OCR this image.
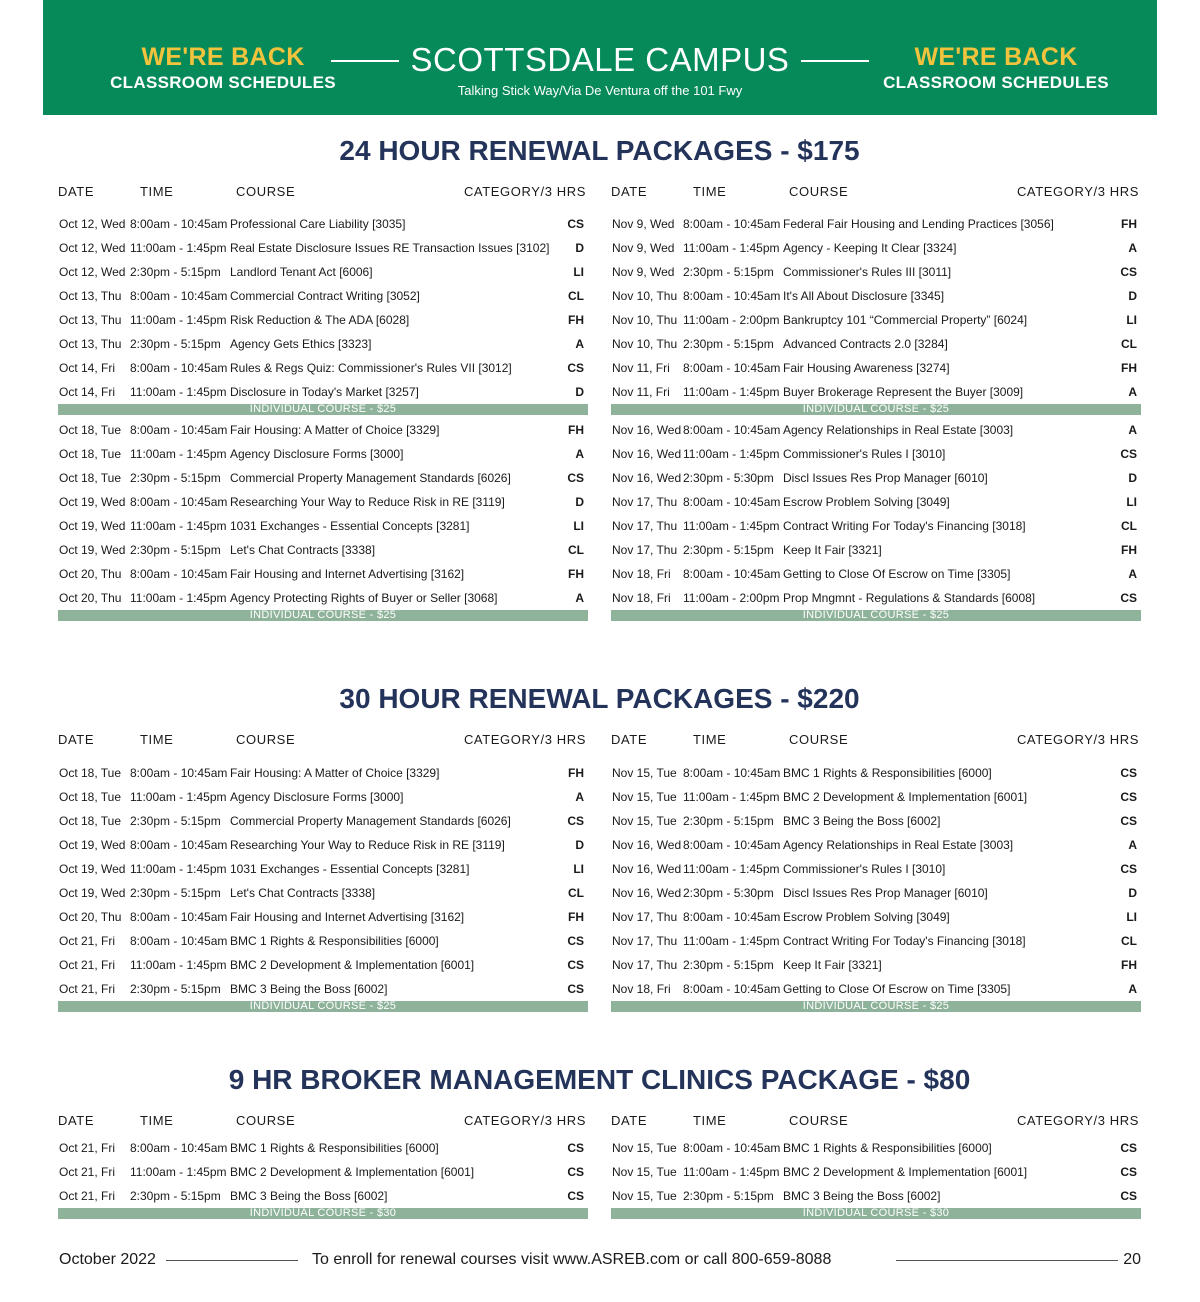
WE'RE BACK
CLASSROOM SCHEDULES
SCOTTSDALE CAMPUS
Talking Stick Way/Via De Ventura off the 101 Fwy
WE'RE BACK
CLASSROOM SCHEDULES
24 HOUR RENEWAL PACKAGES - $175
DATE	TIME	COURSE	CATEGORY/3 HRS
Oct 12, Wed 8:00am - 10:45am Professional Care Liability [3035]	CS
Oct 12, Wed 11:00am - 1:45pm Real Estate Disclosure Issues RE Transaction Issues [3102] D
Oct 12, Wed 2:30pm - 5:15pm Landlord Tenant Act [6006]	LI
Oct 13, Thu 8:00am - 10:45am Commercial Contract Writing [3052]	CL
Oct 13, Thu 11:00am - 1:45pm Risk Reduction & The ADA [6028]	FH
Oct 13, Thu 2:30pm - 5:15pm Agency Gets Ethics [3323]	A
Oct 14, Fri 8:00am - 10:45am Rules & Regs Quiz: Commissioner's Rules VII [3012]	CS
Oct 14, Fri 11:00am - 1:45pm Disclosure in Today's Market [3257]	D
INDIVIDUAL COURSE - $25
Oct 18, Tue 8:00am - 10:45am Fair Housing: A Matter of Choice [3329]	FH
Oct 18, Tue 11:00am - 1:45pm Agency Disclosure Forms [3000]	A
Oct 18, Tue 2:30pm - 5:15pm Commercial Property Management Standards [6026]	CS
Oct 19, Wed 8:00am - 10:45am Researching Your Way to Reduce Risk in RE [3119]	D
Oct 19, Wed 11:00am - 1:45pm 1031 Exchanges - Essential Concepts [3281]	LI
Oct 19, Wed 2:30pm - 5:15pm Let's Chat Contracts [3338]	CL
Oct 20, Thu 8:00am - 10:45am Fair Housing and Internet Advertising [3162]	FH
Oct 20, Thu 11:00am - 1:45pm Agency Protecting Rights of Buyer or Seller [3068]	A
INDIVIDUAL COURSE - $25
DATE	TIME	COURSE	CATEGORY/3 HRS
Nov 9, Wed 8:00am - 10:45am Federal Fair Housing and Lending Practices [3056]	FH
Nov 9, Wed 11:00am - 1:45pm Agency - Keeping It Clear [3324]	A
Nov 9, Wed 2:30pm - 5:15pm Commissioner's Rules III [3011]	CS
Nov 10, Thu 8:00am - 10:45am It's All About Disclosure [3345]	D
Nov 10, Thu 11:00am - 2:00pm Bankruptcy 101 “Commercial Property” [6024]	LI
Nov 10, Thu 2:30pm - 5:15pm Advanced Contracts 2.0 [3284]	CL
Nov 11, Fri 8:00am - 10:45am Fair Housing Awareness [3274]	FH
Nov 11, Fri 11:00am - 1:45pm Buyer Brokerage Represent the Buyer [3009]	A
INDIVIDUAL COURSE - $25
Nov 16, Wed 8:00am - 10:45am Agency Relationships in Real Estate [3003]	A
Nov 16, Wed 11:00am - 1:45pm Commissioner's Rules I [3010]	CS
Nov 16, Wed 2:30pm - 5:30pm Discl Issues Res Prop Manager [6010]	D
Nov 17, Thu 8:00am - 10:45am Escrow Problem Solving [3049]	LI
Nov 17, Thu 11:00am - 1:45pm Contract Writing For Today's Financing [3018]	CL
Nov 17, Thu 2:30pm - 5:15pm Keep It Fair [3321]	FH
Nov 18, Fri 8:00am - 10:45am Getting to Close Of Escrow on Time [3305]	A
Nov 18, Fri 11:00am - 2:00pm Prop Mngmnt - Regulations & Standards [6008]	CS
INDIVIDUAL COURSE - $25
30 HOUR RENEWAL PACKAGES - $220
DATE	TIME	COURSE	CATEGORY/3 HRS
Oct 18, Tue 8:00am - 10:45am Fair Housing: A Matter of Choice [3329]	FH
Oct 18, Tue 11:00am - 1:45pm Agency Disclosure Forms [3000]	A
Oct 18, Tue 2:30pm - 5:15pm Commercial Property Management Standards [6026]	CS
Oct 19, Wed 8:00am - 10:45am Researching Your Way to Reduce Risk in RE [3119]	D
Oct 19, Wed 11:00am - 1:45pm 1031 Exchanges - Essential Concepts [3281]	LI
Oct 19, Wed 2:30pm - 5:15pm Let's Chat Contracts [3338]	CL
Oct 20, Thu 8:00am - 10:45am Fair Housing and Internet Advertising [3162]	FH
Oct 21, Fri 8:00am - 10:45am BMC 1 Rights & Responsibilities [6000]	CS
Oct 21, Fri 11:00am - 1:45pm BMC 2 Development & Implementation [6001]	CS
Oct 21, Fri 2:30pm - 5:15pm BMC 3 Being the Boss [6002]	CS
INDIVIDUAL COURSE - $25
DATE	TIME	COURSE	CATEGORY/3 HRS
Nov 15, Tue 8:00am - 10:45am BMC 1 Rights & Responsibilities [6000]	CS
Nov 15, Tue 11:00am - 1:45pm BMC 2 Development & Implementation [6001]	CS
Nov 15, Tue 2:30pm - 5:15pm BMC 3 Being the Boss [6002]	CS
Nov 16, Wed 8:00am - 10:45am Agency Relationships in Real Estate [3003]	A
Nov 16, Wed 11:00am - 1:45pm Commissioner's Rules I [3010]	CS
Nov 16, Wed 2:30pm - 5:30pm Discl Issues Res Prop Manager [6010]	D
Nov 17, Thu 8:00am - 10:45am Escrow Problem Solving [3049]	LI
Nov 17, Thu 11:00am - 1:45pm Contract Writing For Today's Financing [3018]	CL
Nov 17, Thu 2:30pm - 5:15pm Keep It Fair [3321]	FH
Nov 18, Fri 8:00am - 10:45am Getting to Close Of Escrow on Time [3305]	A
INDIVIDUAL COURSE - $25
9 HR BROKER MANAGEMENT CLINICS PACKAGE - $80
DATE	TIME	COURSE	CATEGORY/3 HRS
Oct 21, Fri 8:00am - 10:45am BMC 1 Rights & Responsibilities [6000]	CS
Oct 21, Fri 11:00am - 1:45pm BMC 2 Development & Implementation [6001]	CS
Oct 21, Fri 2:30pm - 5:15pm BMC 3 Being the Boss [6002]	CS
INDIVIDUAL COURSE - $30
DATE	TIME	COURSE	CATEGORY/3 HRS
Nov 15, Tue 8:00am - 10:45am BMC 1 Rights & Responsibilities [6000]	CS
Nov 15, Tue 11:00am - 1:45pm BMC 2 Development & Implementation [6001]	CS
Nov 15, Tue 2:30pm - 5:15pm BMC 3 Being the Boss [6002]	CS
INDIVIDUAL COURSE - $30
October 2022	To enroll for renewal courses visit www.ASREB.com or call 800-659-8088	20
